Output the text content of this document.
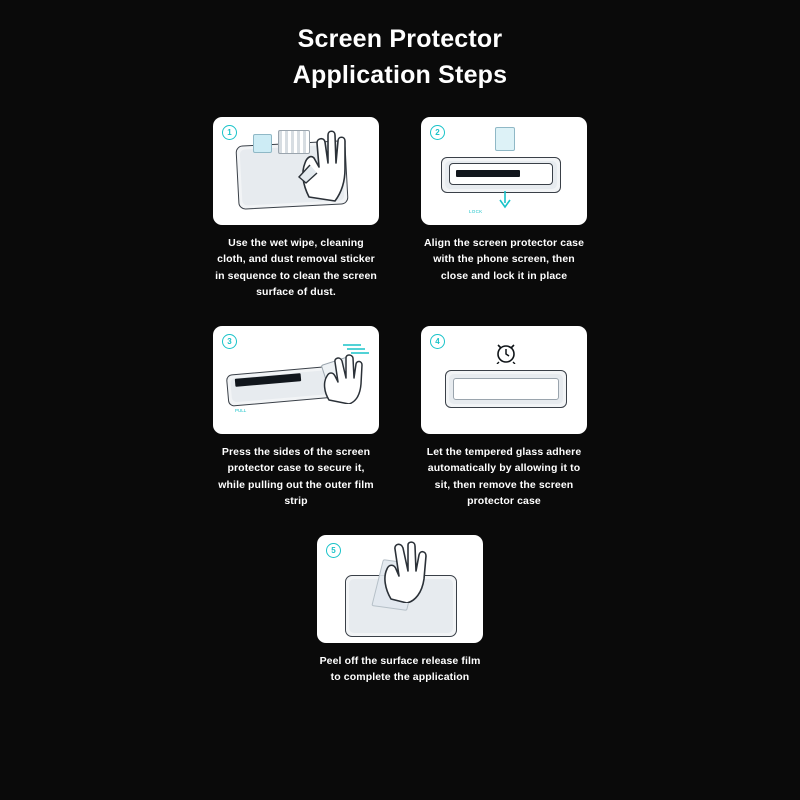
Screen Protector
Application Steps
1
Use the wet wipe, cleaning cloth, and dust removal sticker in sequence to clean the screen surface of dust.
2
LOCK
Align the screen protector case with the phone screen, then close and lock it in place
3
PULL
Press the sides of the screen protector case to secure it, while pulling out the outer film strip
4
Let the tempered glass adhere automatically by allowing it to sit, then remove the screen protector case
5
Peel off the surface release film to complete the application
